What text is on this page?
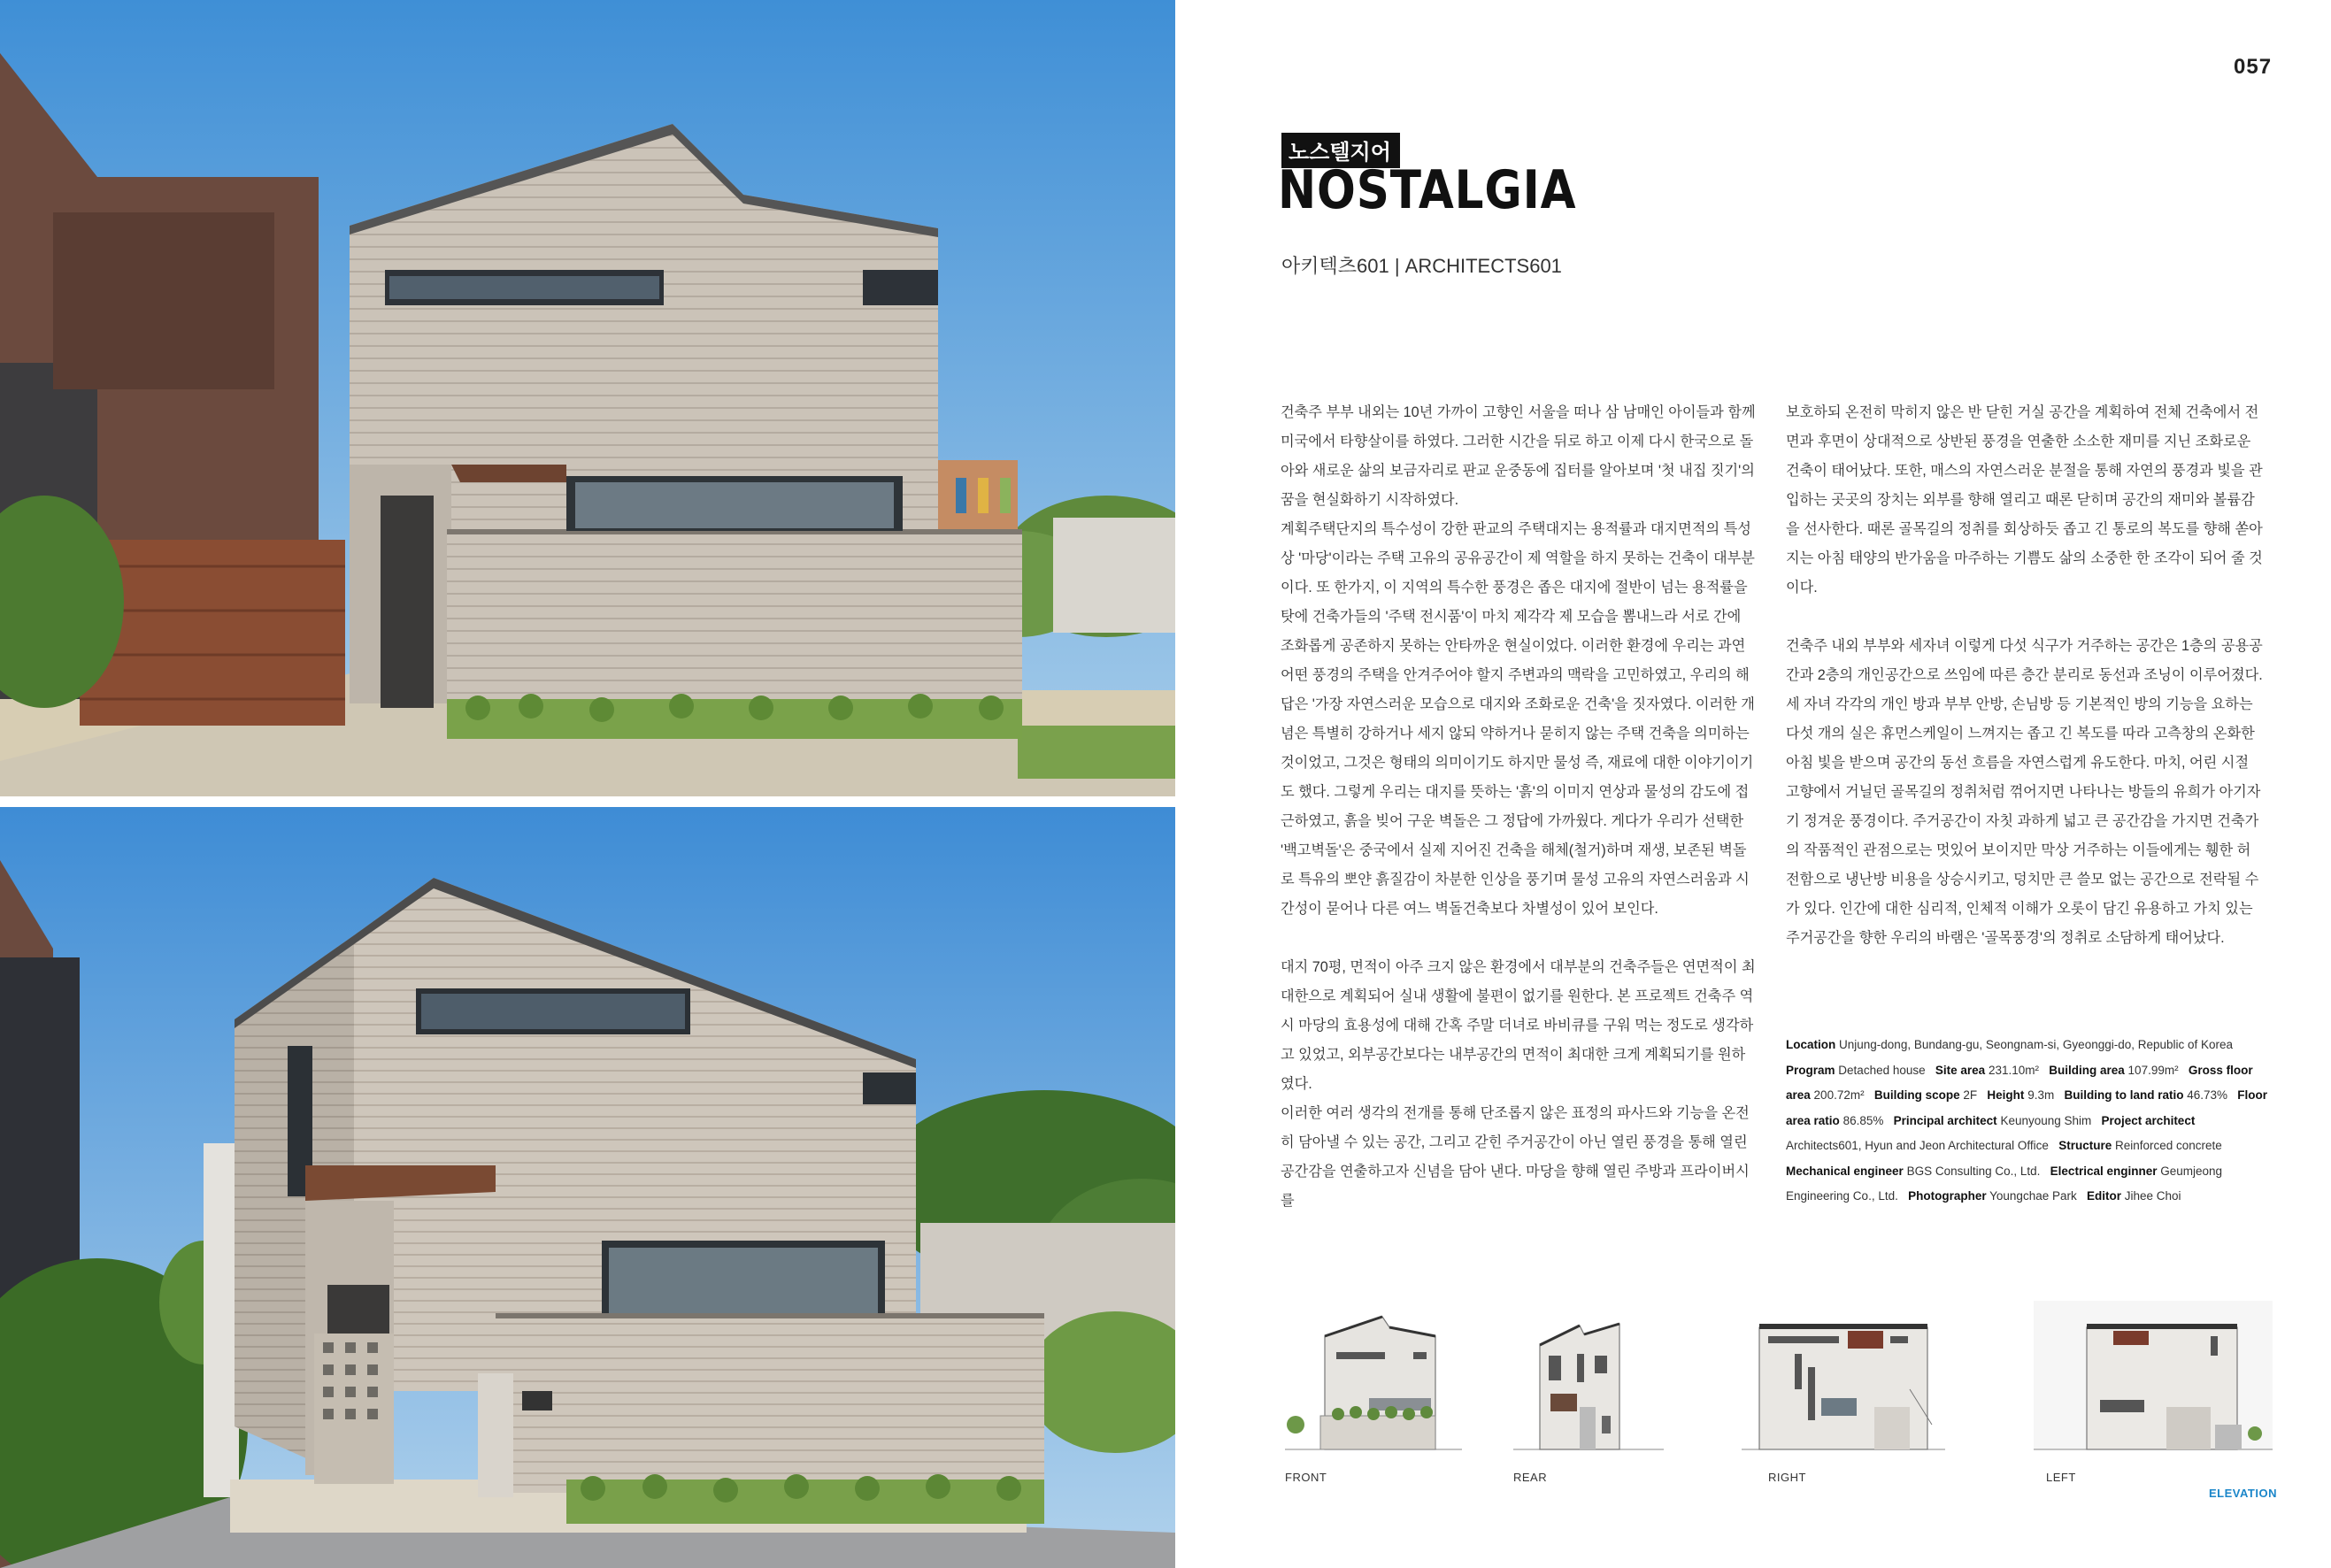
057
노스텔지어
NOSTALGIA
아키텍츠601 | ARCHITECTS601

건축주 부부 내외는 10년 가까이 고향인 서울을 떠나 삼 남매인 아이들과 함께 미국에서 타향살이를 하였다. 그러한 시간을 뒤로 하고 이제 다시 한국으로 돌아와 새로운 삶의 보금자리로 판교 운중동에 집터를 알아보며 '첫 내집 짓기'의 꿈을 현실화하기 시작하였다.

계획주택단지의 특수성이 강한 판교의 주택대지는 용적률과 대지면적의 특성상 '마당'이라는 주택 고유의 공유공간이 제 역할을 하지 못하는 건축이 대부분이다. 또 한가지, 이 지역의 특수한 풍경은 좁은 대지에 절반이 넘는 용적률을 탓에 건축가들의 '주택 전시품'이 마치 제각각 제 모습을 뽐내느라 서로 간에 조화롭게 공존하지 못하는 안타까운 현실이었다. 이러한 환경에 우리는 과연 어떤 풍경의 주택을 안겨주어야 할지 주변과의 맥락을 고민하였고, 우리의 해답은 '가장 자연스러운 모습으로 대지와 조화로운 건축'을 짓자였다. 이러한 개념은 특별히 강하거나 세지 않되 약하거나 묻히지 않는 주택 건축을 의미하는 것이었고, 그것은 형태의 의미이기도 하지만 물성 즉, 재료에 대한 이야기이기도 했다. 그렇게 우리는 대지를 뜻하는 '흙'의 이미지 연상과 물성의 감도에 접근하였고, 흙을 빚어 구운 벽돌은 그 정답에 가까웠다. 게다가 우리가 선택한 '백고벽돌'은 중국에서 실제 지어진 건축을 해체(철거)하며 재생, 보존된 벽돌로 특유의 뽀얀 흙질감이 차분한 인상을 풍기며 물성 고유의 자연스러움과 시간성이 묻어나 다른 여느 벽돌건축보다 차별성이 있어 보인다.

대지 70평, 면적이 아주 크지 않은 환경에서 대부분의 건축주들은 연면적이 최대한으로 계획되어 실내 생활에 불편이 없기를 원한다. 본 프로젝트 건축주 역시 마당의 효용성에 대해 간혹 주말 더녀로 바비큐를 구워 먹는 정도로 생각하고 있었고, 외부공간보다는 내부공간의 면적이 최대한 크게 계획되기를 원하였다.

이러한 여러 생각의 전개를 통해 단조롭지 않은 표정의 파사드와 기능을 온전히 담아낼 수 있는 공간, 그리고 갇힌 주거공간이 아닌 열린 풍경을 통해 열린 공간감을 연출하고자 신념을 담아 낸다. 마당을 향해 열린 주방과 프라이버시를

보호하되 온전히 막히지 않은 반 닫힌 거실 공간을 계획하여 전체 건축에서 전면과 후면이 상대적으로 상반된 풍경을 연출한 소소한 재미를 지닌 조화로운 건축이 태어났다. 또한, 매스의 자연스러운 분절을 통해 자연의 풍경과 빛을 관입하는 곳곳의 장치는 외부를 향해 열리고 때론 닫히며 공간의 재미와 볼륨감을 선사한다. 때론 골목길의 정취를 회상하듯 좁고 긴 통로의 복도를 향해 쏟아지는 아침 태양의 반가움을 마주하는 기쁨도 삶의 소중한 한 조각이 되어 줄 것이다.

건축주 내외 부부와 세자녀 이렇게 다섯 식구가 거주하는 공간은 1층의 공용공간과 2층의 개인공간으로 쓰임에 따른 층간 분리로 동선과 조닝이 이루어졌다. 세 자녀 각각의 개인 방과 부부 안방, 손님방 등 기본적인 방의 기능을 요하는 다섯 개의 실은 휴먼스케일이 느껴지는 좁고 긴 복도를 따라 고측창의 온화한 아침 빛을 받으며 공간의 동선 흐름을 자연스럽게 유도한다. 마치, 어린 시절 고향에서 거닐던 골목길의 정취처럼 꺾어지면 나타나는 방들의 유희가 아기자기 정겨운 풍경이다. 주거공간이 자칫 과하게 넓고 큰 공간감을 가지면 건축가의 작품적인 관점으로는 멋있어 보이지만 막상 거주하는 이들에게는 휑한 허전함으로 냉난방 비용을 상승시키고, 덩치만 큰 쓸모 없는 공간으로 전락될 수가 있다. 인간에 대한 심리적, 인체적 이해가 오롯이 담긴 유용하고 가치 있는 주거공간을 향한 우리의 바램은 '골목풍경'의 정취로 소담하게 태어났다.

Location Unjung-dong, Bundang-gu, Seongnam-si, Gyeonggi-do, Republic of Korea   Program Detached house Site area 231.10m² Building area 107.99m² Gross floor area 200.72m² Building scope 2F Height 9.3m Building to land ratio 46.73% Floor area ratio 86.85% Principal architect Keunyoung Shim Project architect Architects601, Hyun and Jeon Architectural Office Structure Reinforced concrete   Mechanical engineer BGS Consulting Co., Ltd. Electrical enginner Geumjeong Engineering Co., Ltd. Photographer Youngchae Park Editor Jihee Choi
FRONT	REAR	RIGHT	LEFT
ELEVATION
